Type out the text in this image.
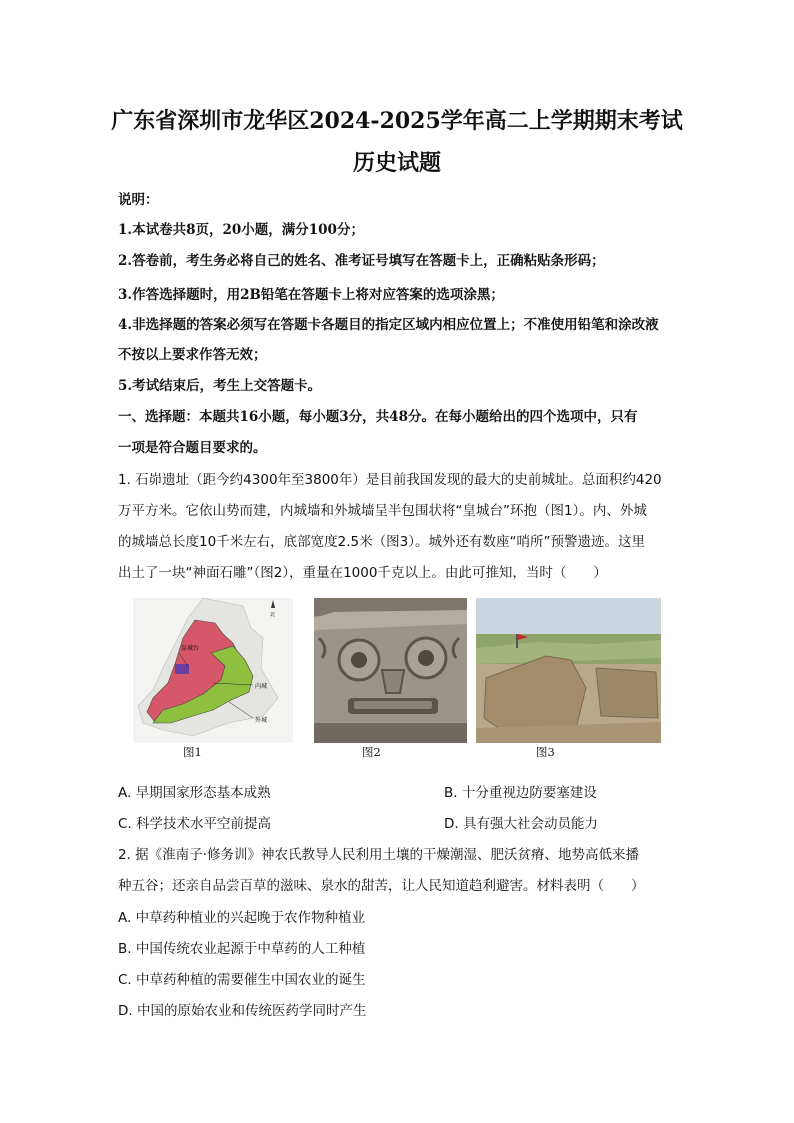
广东省深圳市龙华区2024-2025学年高二上学期期末考试
历史试题
说明：
1.本试卷共8页，20小题，满分100分；
2.答卷前，考生务必将自己的姓名、准考证号填写在答题卡上，正确粘贴条形码；
3.作答选择题时，用2B铅笔在答题卡上将对应答案的选项涂黑；
4.非选择题的答案必须写在答题卡各题目的指定区域内相应位置上；不准使用铅笔和涂改液
不按以上要求作答无效；
5.考试结束后，考生上交答题卡。
一、选择题：本题共16小题，每小题3分，共48分。在每小题给出的四个选项中，只有
一项是符合题目要求的。
1. 石峁遗址（距今约4300年至3800年）是目前我国发现的最大的史前城址。总面积约420
万平方米。它依山势而建，内城墙和外城墙呈半包围状将“皇城台”环抱（图1）。内、外城
的城墙总长度10千米左右，底部宽度2.5米（图3）。城外还有数座“哨所”预警遗迹。这里
出土了一块“神面石雕”（图2），重量在1000千克以上。由此可推知，当时（　　）
皇城台
内城
外城
北
图1	图2	图3
A. 早期国家形态基本成熟	B. 十分重视边防要塞建设
C. 科学技术水平空前提高	D. 具有强大社会动员能力
2. 据《淮南子·修务训》神农氏教导人民利用土壤的干燥潮湿、肥沃贫瘠、地势高低来播
种五谷；还亲自品尝百草的滋味、泉水的甜苦，让人民知道趋利避害。材料表明（　　）
A. 中草药种植业的兴起晚于农作物种植业
B. 中国传统农业起源于中草药的人工种植
C. 中草药种植的需要催生中国农业的诞生
D. 中国的原始农业和传统医药学同时产生
